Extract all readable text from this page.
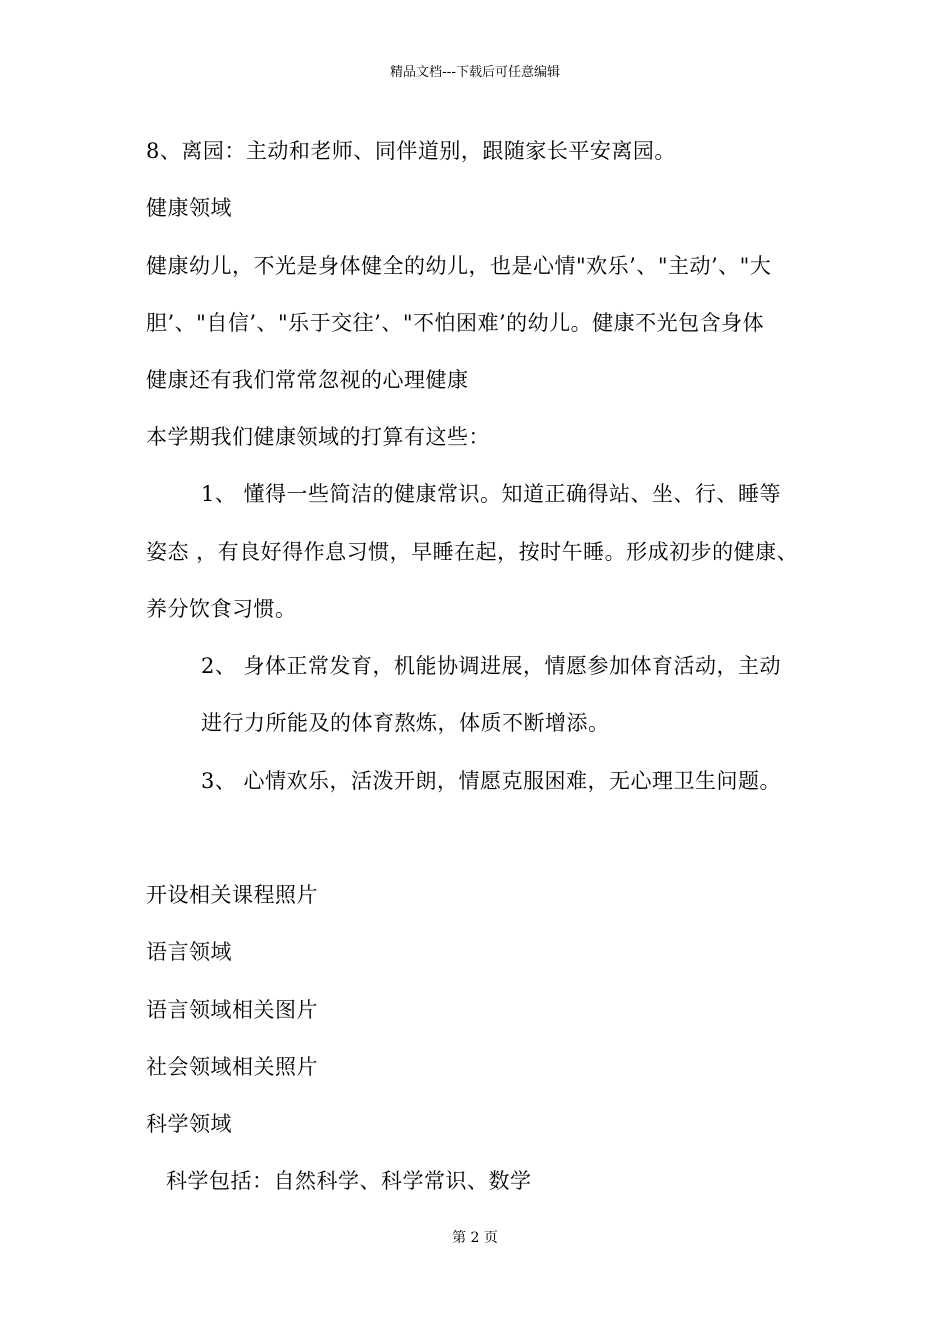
精品文档---下载后可任意编辑
8、离园：主动和老师、同伴道别，跟随家长平安离园。
健康领域
健康幼儿，不光是身体健全的幼儿，也是心情"欢乐’、"主动’、"大
胆’、"自信’、"乐于交往’、"不怕困难’的幼儿。健康不光包含身体
健康还有我们常常忽视的心理健康
本学期我们健康领域的打算有这些：
1、 懂得一些简洁的健康常识。知道正确得站、坐、行、睡等
姿态 ，有良好得作息习惯，早睡在起，按时午睡。形成初步的健康、
养分饮食习惯。
2、 身体正常发育，机能协调进展，情愿参加体育活动，主动
进行力所能及的体育熬炼，体质不断增添。
3、 心情欢乐，活泼开朗，情愿克服困难，无心理卫生问题。
开设相关课程照片
语言领域
语言领域相关图片
社会领域相关照片
科学领域
科学包括：自然科学、科学常识、数学
第 2 页
